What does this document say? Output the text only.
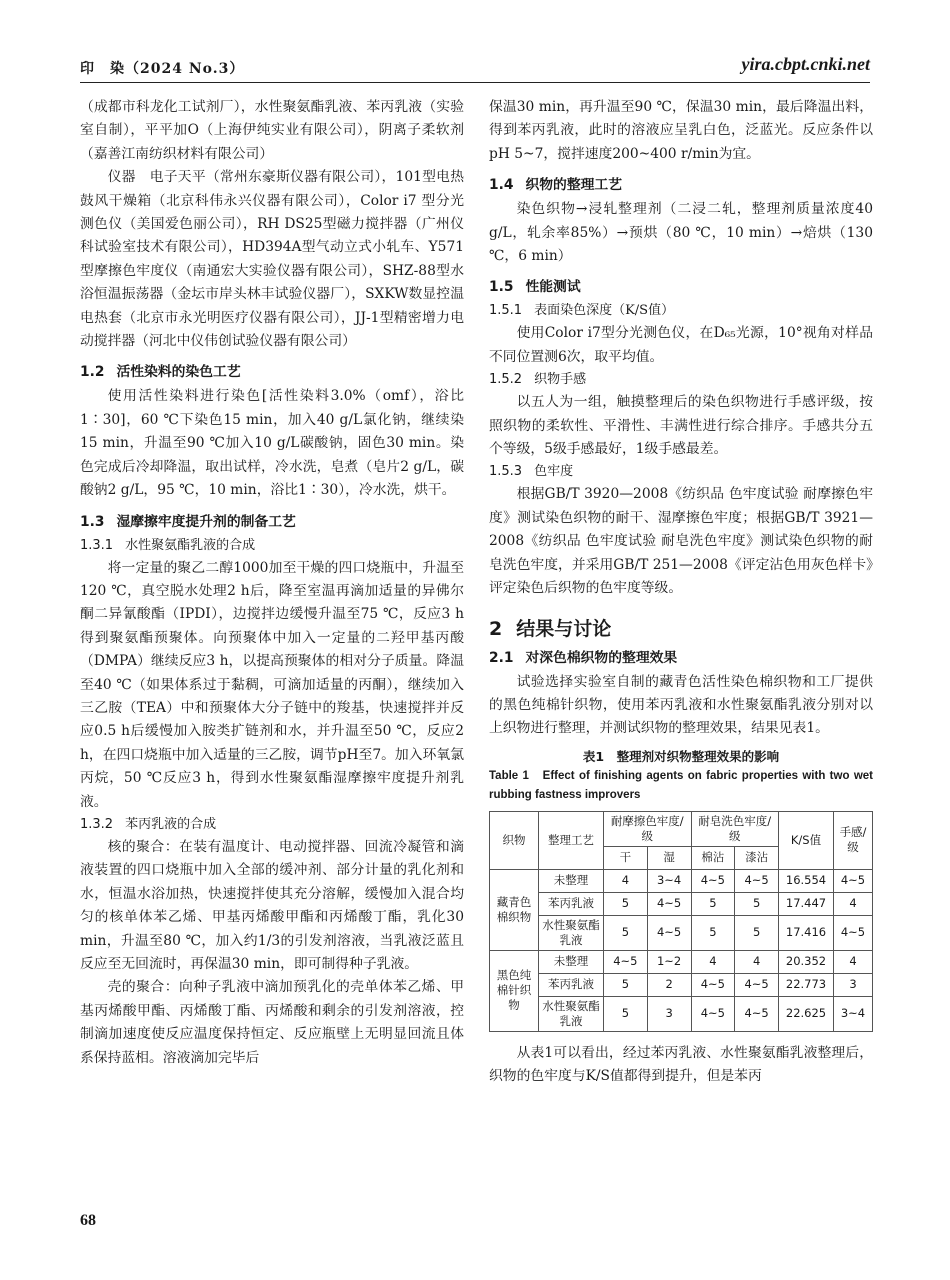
印　染（2024 No.3）	yira.cbpt.cnki.net

（成都市科龙化工试剂厂），水性聚氨酯乳液、苯丙乳液（实验室自制），平平加O（上海伊纯实业有限公司），阴离子柔软剂（嘉善江南纺织材料有限公司）

仪器　电子天平（常州东豪斯仪器有限公司），101型电热鼓风干燥箱（北京科伟永兴仪器有限公司），Color i7 型分光测色仪（美国爱色丽公司），RH DS25型磁力搅拌器（广州仪科试验室技术有限公司），HD394A型气动立式小轧车、Y571型摩擦色牢度仪（南通宏大实验仪器有限公司），SHZ-88型水浴恒温振荡器（金坛市岸头林丰试验仪器厂），SXKW数显控温电热套（北京市永光明医疗仪器有限公司），JJ-1型精密增力电动搅拌器（河北中仪伟创试验仪器有限公司）

1.2 活性染料的染色工艺

使用活性染料进行染色[活性染料3.0%（omf），浴比1∶30]，60 ℃下染色15 min，加入40 g/L氯化钠，继续染15 min，升温至90 ℃加入10 g/L碳酸钠，固色30 min。染色完成后冷却降温，取出试样，冷水洗，皂煮（皂片2 g/L，碳酸钠2 g/L，95 ℃，10 min，浴比1∶30），冷水洗，烘干。

1.3 湿摩擦牢度提升剂的制备工艺
1.3.1 水性聚氨酯乳液的合成

将一定量的聚乙二醇1000加至干燥的四口烧瓶中，升温至120 ℃，真空脱水处理2 h后，降至室温再滴加适量的异佛尔酮二异氰酸酯（IPDI），边搅拌边缓慢升温至75 ℃，反应3 h得到聚氨酯预聚体。向预聚体中加入一定量的二羟甲基丙酸（DMPA）继续反应3 h，以提高预聚体的相对分子质量。降温至40 ℃（如果体系过于黏稠，可滴加适量的丙酮），继续加入三乙胺（TEA）中和预聚体大分子链中的羧基，快速搅拌并反应0.5 h后缓慢加入胺类扩链剂和水，并升温至50 ℃，反应2 h，在四口烧瓶中加入适量的三乙胺，调节pH至7。加入环氧氯丙烷，50 ℃反应3 h，得到水性聚氨酯湿摩擦牢度提升剂乳液。

1.3.2 苯丙乳液的合成

核的聚合：在装有温度计、电动搅拌器、回流冷凝管和滴液装置的四口烧瓶中加入全部的缓冲剂、部分计量的乳化剂和水，恒温水浴加热，快速搅拌使其充分溶解，缓慢加入混合均匀的核单体苯乙烯、甲基丙烯酸甲酯和丙烯酸丁酯，乳化30 min，升温至80 ℃，加入约1/3的引发剂溶液，当乳液泛蓝且反应至无回流时，再保温30 min，即可制得种子乳液。

壳的聚合：向种子乳液中滴加预乳化的壳单体苯乙烯、甲基丙烯酸甲酯、丙烯酸丁酯、丙烯酸和剩余的引发剂溶液，控制滴加速度使反应温度保持恒定、反应瓶壁上无明显回流且体系保持蓝相。溶液滴加完毕后

保温30 min，再升温至90 ℃，保温30 min，最后降温出料，得到苯丙乳液，此时的溶液应呈乳白色，泛蓝光。反应条件以pH 5~7，搅拌速度200~400 r/min为宜。

1.4 织物的整理工艺

染色织物→浸轧整理剂（二浸二轧，整理剂质量浓度40 g/L，轧余率85%）→预烘（80 ℃，10 min）→焙烘（130 ℃，6 min）

1.5 性能测试
1.5.1 表面染色深度（K/S值）

使用Color i7型分光测色仪，在D₆₅光源，10°视角对样品不同位置测6次，取平均值。

1.5.2 织物手感

以五人为一组，触摸整理后的染色织物进行手感评级，按照织物的柔软性、平滑性、丰满性进行综合排序。手感共分五个等级，5级手感最好，1级手感最差。

1.5.3 色牢度

根据GB/T 3920—2008《纺织品 色牢度试验 耐摩擦色牢度》测试染色织物的耐干、湿摩擦色牢度；根据GB/T 3921—2008《纺织品 色牢度试验 耐皂洗色牢度》测试染色织物的耐皂洗色牢度，并采用GB/T 251—2008《评定沾色用灰色样卡》评定染色后织物的色牢度等级。

2 结果与讨论
2.1 对深色棉织物的整理效果

试验选择实验室自制的藏青色活性染色棉织物和工厂提供的黑色纯棉针织物，使用苯丙乳液和水性聚氨酯乳液分别对以上织物进行整理，并测试织物的整理效果，结果见表1。

表1　整理剂对织物整理效果的影响
Table 1　Effect of finishing agents on fabric properties with two wet rubbing fastness improvers
织物	整理工艺	耐摩擦色牢度/级		耐皂洗色牢度/级		K/S值	手感/级
		干	湿	棉沾	漆沾		
藏青色棉织物	未整理	4	3~4	4~5	4~5	16.554	4~5
	苯丙乳液	5	4~5	5	5	17.447	4
	水性聚氨酯乳液	5	4~5	5	5	17.416	4~5
黑色纯棉针织物	未整理	4~5	1~2	4	4	20.352	4
	苯丙乳液	5	2	4~5	4~5	22.773	3
	水性聚氨酯乳液	5	3	4~5	4~5	22.625	3~4

从表1可以看出，经过苯丙乳液、水性聚氨酯乳液整理后，织物的色牢度与K/S值都得到提升，但是苯丙

68
